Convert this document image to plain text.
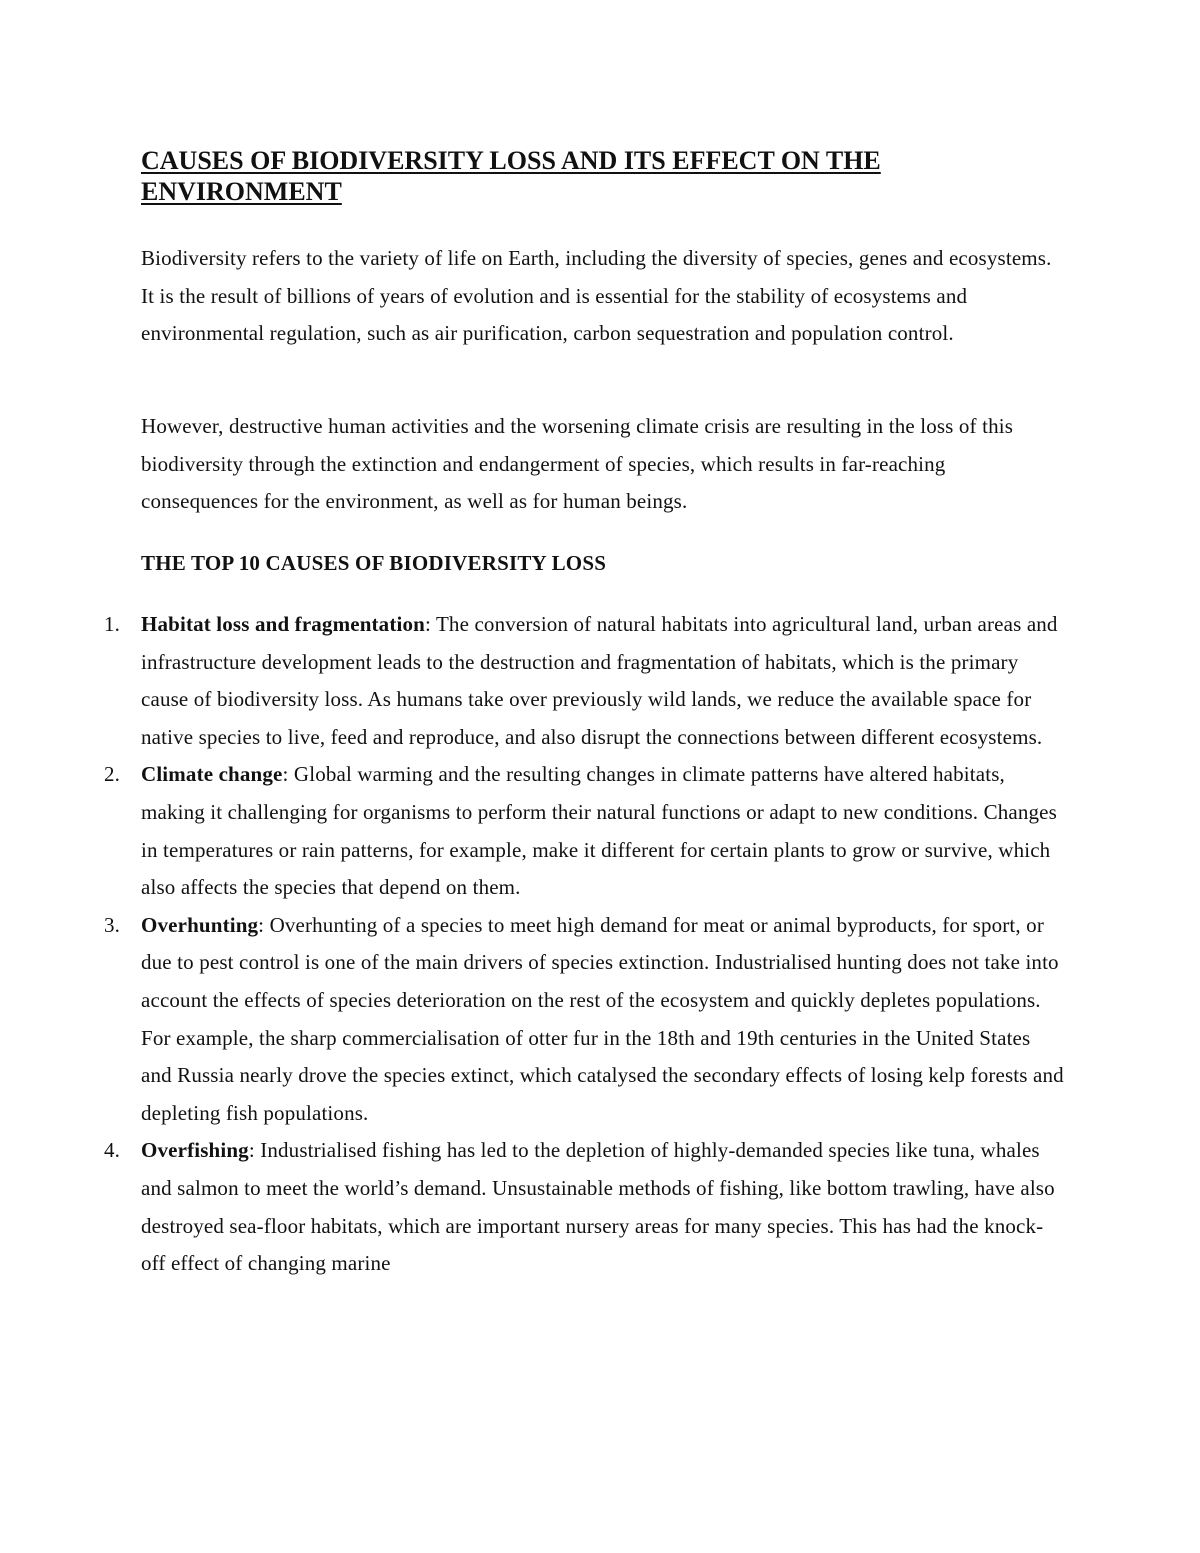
CAUSES OF BIODIVERSITY LOSS AND ITS EFFECT ON THE ENVIRONMENT

Biodiversity refers to the variety of life on Earth, including the diversity of species, genes and ecosystems. It is the result of billions of years of evolution and is essential for the stability of ecosystems and environmental regulation, such as air purification, carbon sequestration and population control.

However, destructive human activities and the worsening climate crisis are resulting in the loss of this biodiversity through the extinction and endangerment of species, which results in far-reaching consequences for the environment, as well as for human beings.

THE TOP 10 CAUSES OF BIODIVERSITY LOSS
1. Habitat loss and fragmentation: The conversion of natural habitats into agricultural land, urban areas and infrastructure development leads to the destruction and fragmentation of habitats, which is the primary cause of biodiversity loss. As humans take over previously wild lands, we reduce the available space for native species to live, feed and reproduce, and also disrupt the connections between different ecosystems.
2. Climate change: Global warming and the resulting changes in climate patterns have altered habitats, making it challenging for organisms to perform their natural functions or adapt to new conditions. Changes in temperatures or rain patterns, for example, make it different for certain plants to grow or survive, which also affects the species that depend on them.
3. Overhunting: Overhunting of a species to meet high demand for meat or animal byproducts, for sport, or due to pest control is one of the main drivers of species extinction. Industrialised hunting does not take into account the effects of species deterioration on the rest of the ecosystem and quickly depletes populations. For example, the sharp commercialisation of otter fur in the 18th and 19th centuries in the United States and Russia nearly drove the species extinct, which catalysed the secondary effects of losing kelp forests and depleting fish populations.
4. Overfishing: Industrialised fishing has led to the depletion of highly-demanded species like tuna, whales and salmon to meet the world’s demand. Unsustainable methods of fishing, like bottom trawling, have also destroyed sea-floor habitats, which are important nursery areas for many species. This has had the knock-off effect of changing marine
